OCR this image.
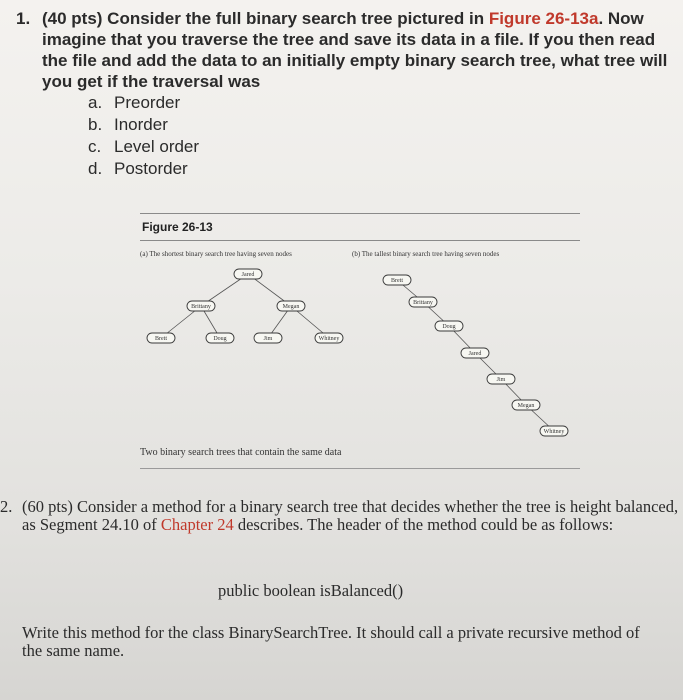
1. (40 pts) Consider the full binary search tree pictured in Figure 26-13a. Now imagine that you traverse the tree and save its data in a file. If you then read the file and add the data to an initially empty binary search tree, what tree will you get if the traversal was
a. Preorder
b. Inorder
c. Level order
d. Postorder
Figure 26-13
(a) The shortest binary search tree having seven nodes	(b) The tallest binary search tree having seven nodes
Jared
Brittany	Megan
Brett	Doug	Jim	Whitney
Brett
Brittany
Doug
Jared
Jim
Megan
Whitney
Two binary search trees that contain the same data
2. (60 pts) Consider a method for a binary search tree that decides whether the tree is height balanced, as Segment 24.10 of Chapter 24 describes. The header of the method could be as follows:
public boolean isBalanced()
Write this method for the class BinarySearchTree. It should call a private recursive method of the same name.
